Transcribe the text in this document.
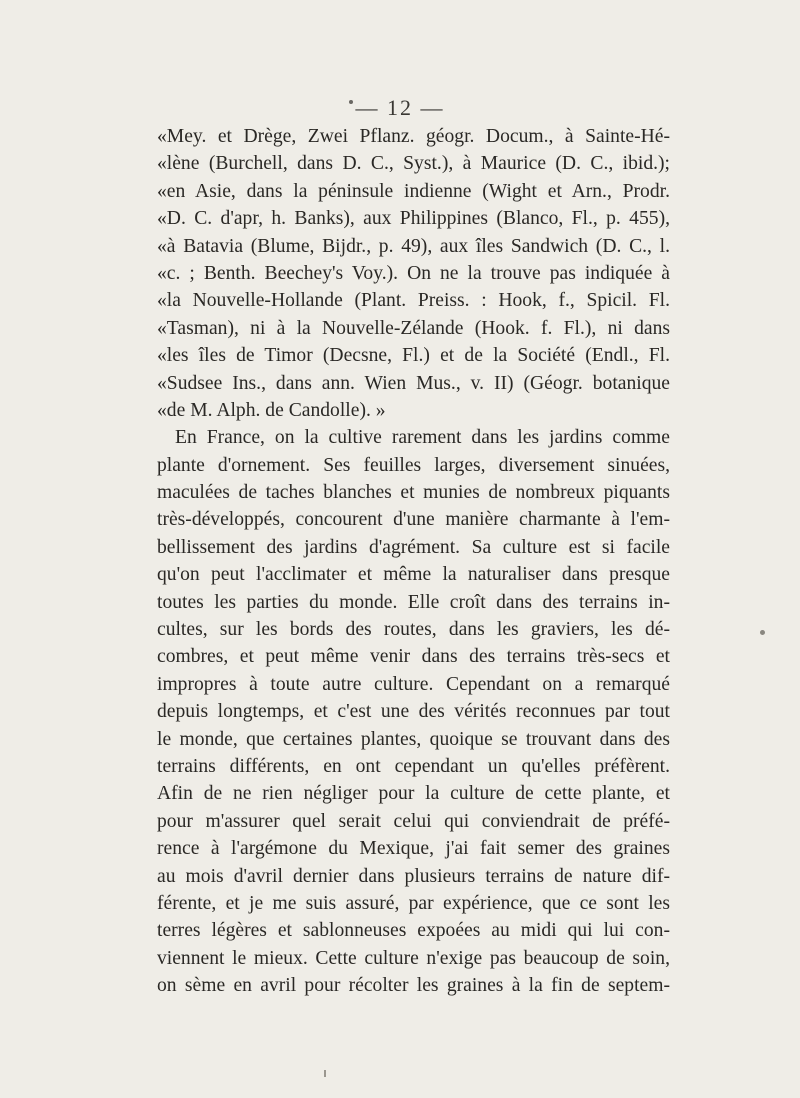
— 12 —
«Mey. et Drège, Zwei Pflanz. géogr. Docum., à Sainte-Hé-
«lène (Burchell, dans D. C., Syst.), à Maurice (D. C., ibid.);
«en Asie, dans la péninsule indienne (Wight et Arn., Prodr.
«D. C. d'apr, h. Banks), aux Philippines (Blanco, Fl., p. 455),
«à Batavia (Blume, Bijdr., p. 49), aux îles Sandwich (D. C., l.
«c. ; Benth. Beechey's Voy.). On ne la trouve pas indiquée à
«la Nouvelle-Hollande (Plant. Preiss. : Hook, f., Spicil. Fl.
«Tasman), ni à la Nouvelle-Zélande (Hook. f. Fl.), ni dans
«les îles de Timor (Decsne, Fl.) et de la Société (Endl., Fl.
«Sudsee Ins., dans ann. Wien Mus., v. II) (Géogr. botanique
«de M. Alph. de Candolle). »
En France, on la cultive rarement dans les jardins comme
plante d'ornement. Ses feuilles larges, diversement sinuées,
maculées de taches blanches et munies de nombreux piquants
très-développés, concourent d'une manière charmante à l'em-
bellissement des jardins d'agrément. Sa culture est si facile
qu'on peut l'acclimater et même la naturaliser dans presque
toutes les parties du monde. Elle croît dans des terrains in-
cultes, sur les bords des routes, dans les graviers, les dé-
combres, et peut même venir dans des terrains très-secs et
impropres à toute autre culture. Cependant on a remarqué
depuis longtemps, et c'est une des vérités reconnues par tout
le monde, que certaines plantes, quoique se trouvant dans des
terrains différents, en ont cependant un qu'elles préfèrent.
Afin de ne rien négliger pour la culture de cette plante, et
pour m'assurer quel serait celui qui conviendrait de préfé-
rence à l'argémone du Mexique, j'ai fait semer des graines
au mois d'avril dernier dans plusieurs terrains de nature dif-
férente, et je me suis assuré, par expérience, que ce sont les
terres légères et sablonneuses expoées au midi qui lui con-
viennent le mieux. Cette culture n'exige pas beaucoup de soin,
on sème en avril pour récolter les graines à la fin de septem-
